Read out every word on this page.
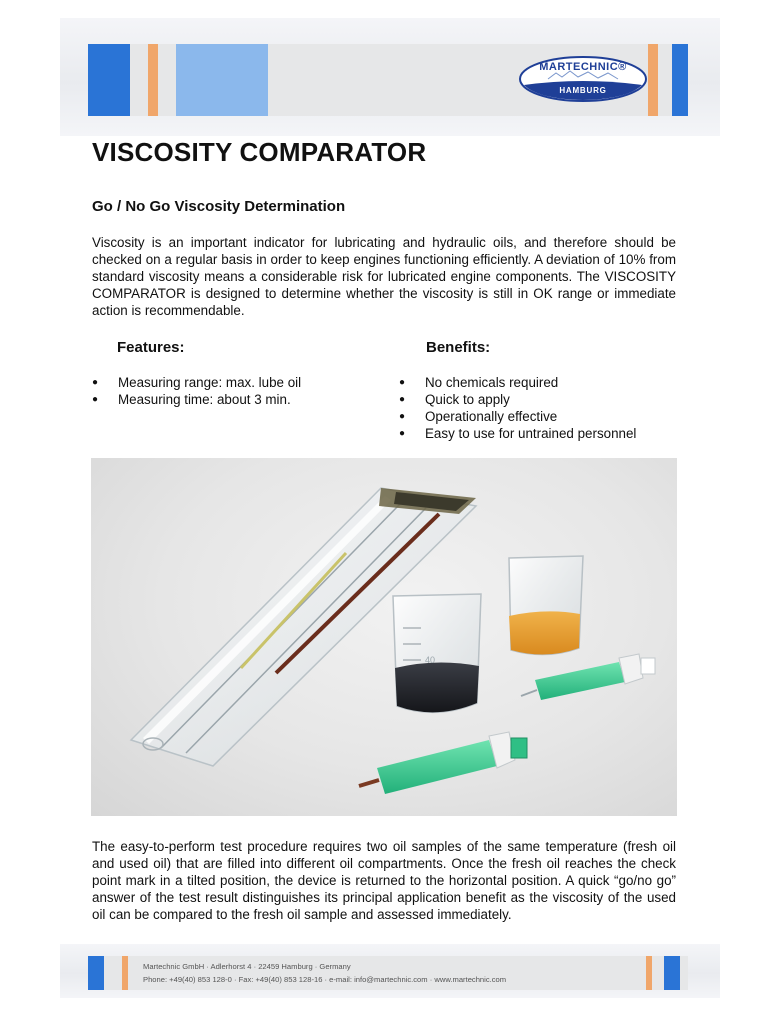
MARTECHNIC®
HAMBURG
VISCOSITY COMPARATOR
Go / No Go Viscosity Determination

Viscosity is an important indicator for lubricating and hydraulic oils, and therefore should be checked on a regular basis in order to keep engines functioning efficiently. A deviation of 10% from standard viscosity means a considerable risk for lubricated engine components. The VISCOSITY COMPARATOR is designed to determine whether the viscosity is still in OK range or immediate action is recommendable.

Features:	Benefits:
● Measuring range: max. lube oil
● Measuring time: about 3 min.
● No chemicals required
● Quick to apply
● Operationally effective
● Easy to use for untrained personnel
40

The easy-to-perform test procedure requires two oil samples of the same temperature (fresh oil and used oil) that are filled into different oil compartments. Once the fresh oil reaches the check point mark in a tilted position, the device is returned to the horizontal position. A quick “go/no go” answer of the test result distinguishes its principal application benefit as the viscosity of the used oil can be compared to the fresh oil sample and assessed immediately.

Martechnic GmbH · Adlerhorst 4 · 22459 Hamburg · Germany

Phone: +49(40) 853 128-0 · Fax: +49(40) 853 128-16 · e-mail: info@martechnic.com · www.martechnic.com
